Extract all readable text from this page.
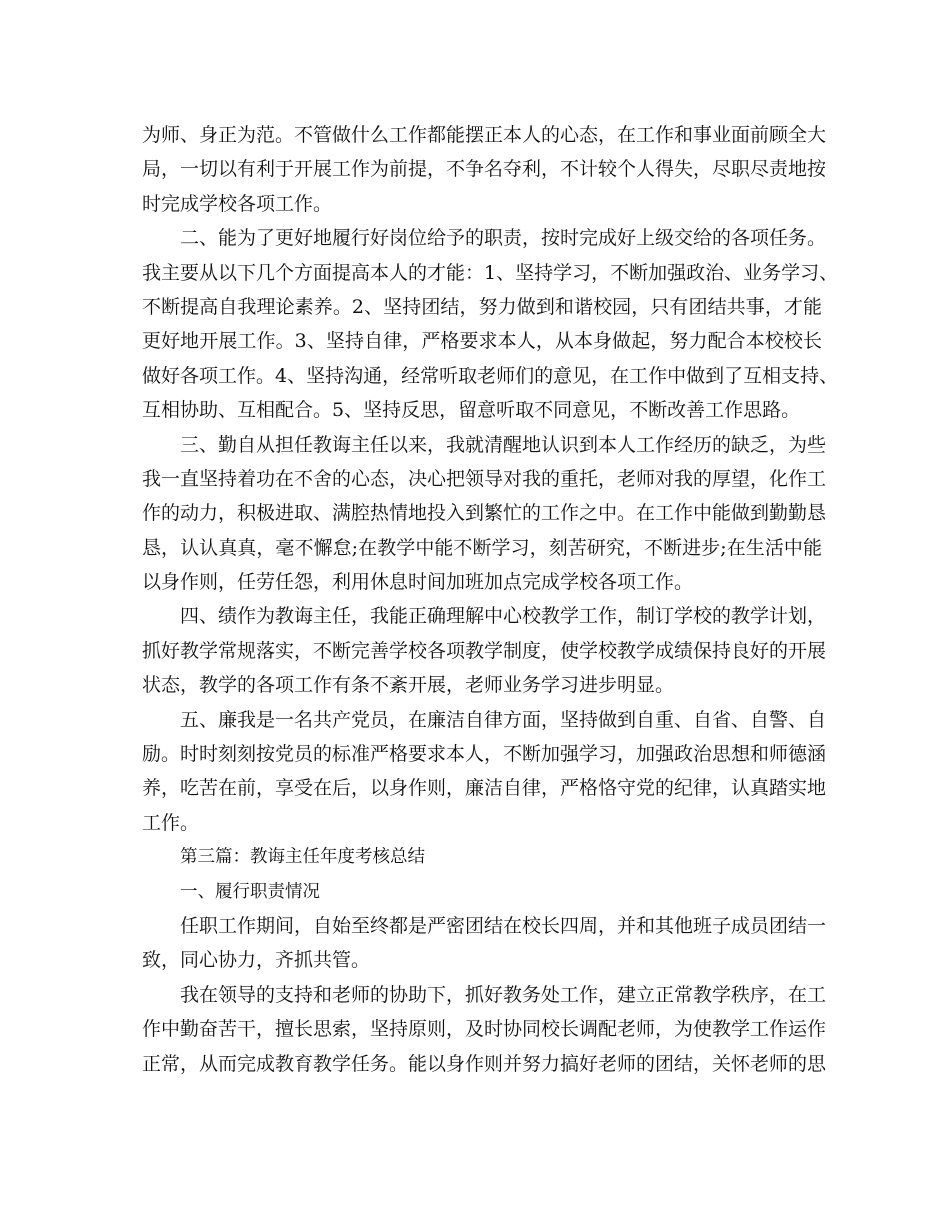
为师、身正为范。不管做什么工作都能摆正本人的心态，在工作和事业面前顾全大
局，一切以有利于开展工作为前提，不争名夺利，不计较个人得失，尽职尽责地按
时完成学校各项工作。
二、能为了更好地履行好岗位给予的职责，按时完成好上级交给的各项任务。
我主要从以下几个方面提高本人的才能：1、坚持学习，不断加强政治、业务学习、
不断提高自我理论素养。2、坚持团结，努力做到和谐校园，只有团结共事，才能
更好地开展工作。3、坚持自律，严格要求本人，从本身做起，努力配合本校校长
做好各项工作。4、坚持沟通，经常听取老师们的意见，在工作中做到了互相支持、
互相协助、互相配合。5、坚持反思，留意听取不同意见，不断改善工作思路。
三、勤自从担任教诲主任以来，我就清醒地认识到本人工作经历的缺乏，为些
我一直坚持着功在不舍的心态，决心把领导对我的重托，老师对我的厚望，化作工
作的动力，积极进取、满腔热情地投入到繁忙的工作之中。在工作中能做到勤勤恳
恳，认认真真，毫不懈怠;在教学中能不断学习，刻苦研究，不断进步;在生活中能
以身作则，任劳任怨，利用休息时间加班加点完成学校各项工作。
四、绩作为教诲主任，我能正确理解中心校教学工作，制订学校的教学计划，
抓好教学常规落实，不断完善学校各项教学制度，使学校教学成绩保持良好的开展
状态，教学的各项工作有条不紊开展，老师业务学习进步明显。
五、廉我是一名共产党员，在廉洁自律方面，坚持做到自重、自省、自警、自
励。时时刻刻按党员的标准严格要求本人，不断加强学习，加强政治思想和师德涵
养，吃苦在前，享受在后，以身作则，廉洁自律，严格恪守党的纪律，认真踏实地
工作。
第三篇：教诲主任年度考核总结
一、履行职责情况
任职工作期间，自始至终都是严密团结在校长四周，并和其他班子成员团结一
致，同心协力，齐抓共管。
我在领导的支持和老师的协助下，抓好教务处工作，建立正常教学秩序，在工
作中勤奋苦干，擅长思索，坚持原则，及时协同校长调配老师，为使教学工作运作
正常，从而完成教育教学任务。能以身作则并努力搞好老师的团结，关怀老师的思
